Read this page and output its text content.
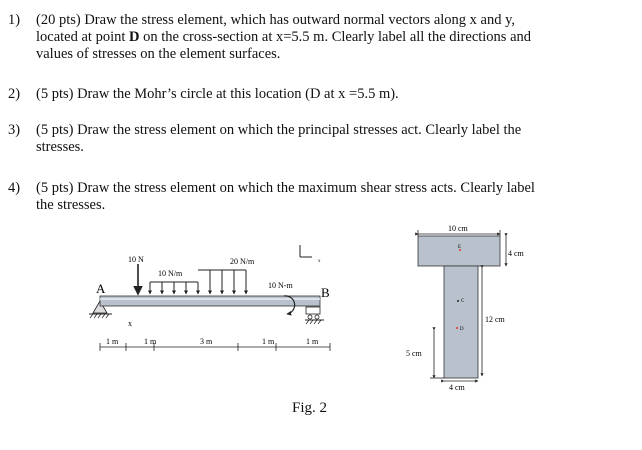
1) (20 pts) Draw the stress element, which has outward normal vectors along x and y,
located at point D on the cross-section at x=5.5 m. Clearly label all the directions and
values of stresses on the element surfaces.
2) (5 pts) Draw the Mohr’s circle at this location (D at x =5.5 m).
3) (5 pts) Draw the stress element on which the principal stresses act. Clearly label the
stresses.
4) (5 pts) Draw the stress element on which the maximum shear stress acts. Clearly label
the stresses.
A
10 N
10 N/m
20 N/m
10 N-m
x
B
x
1 m	1 m	3 m	1 m	1 m
10 cm
4 cm
12 cm
5 cm
4 cm
E
C
D
Fig. 2
